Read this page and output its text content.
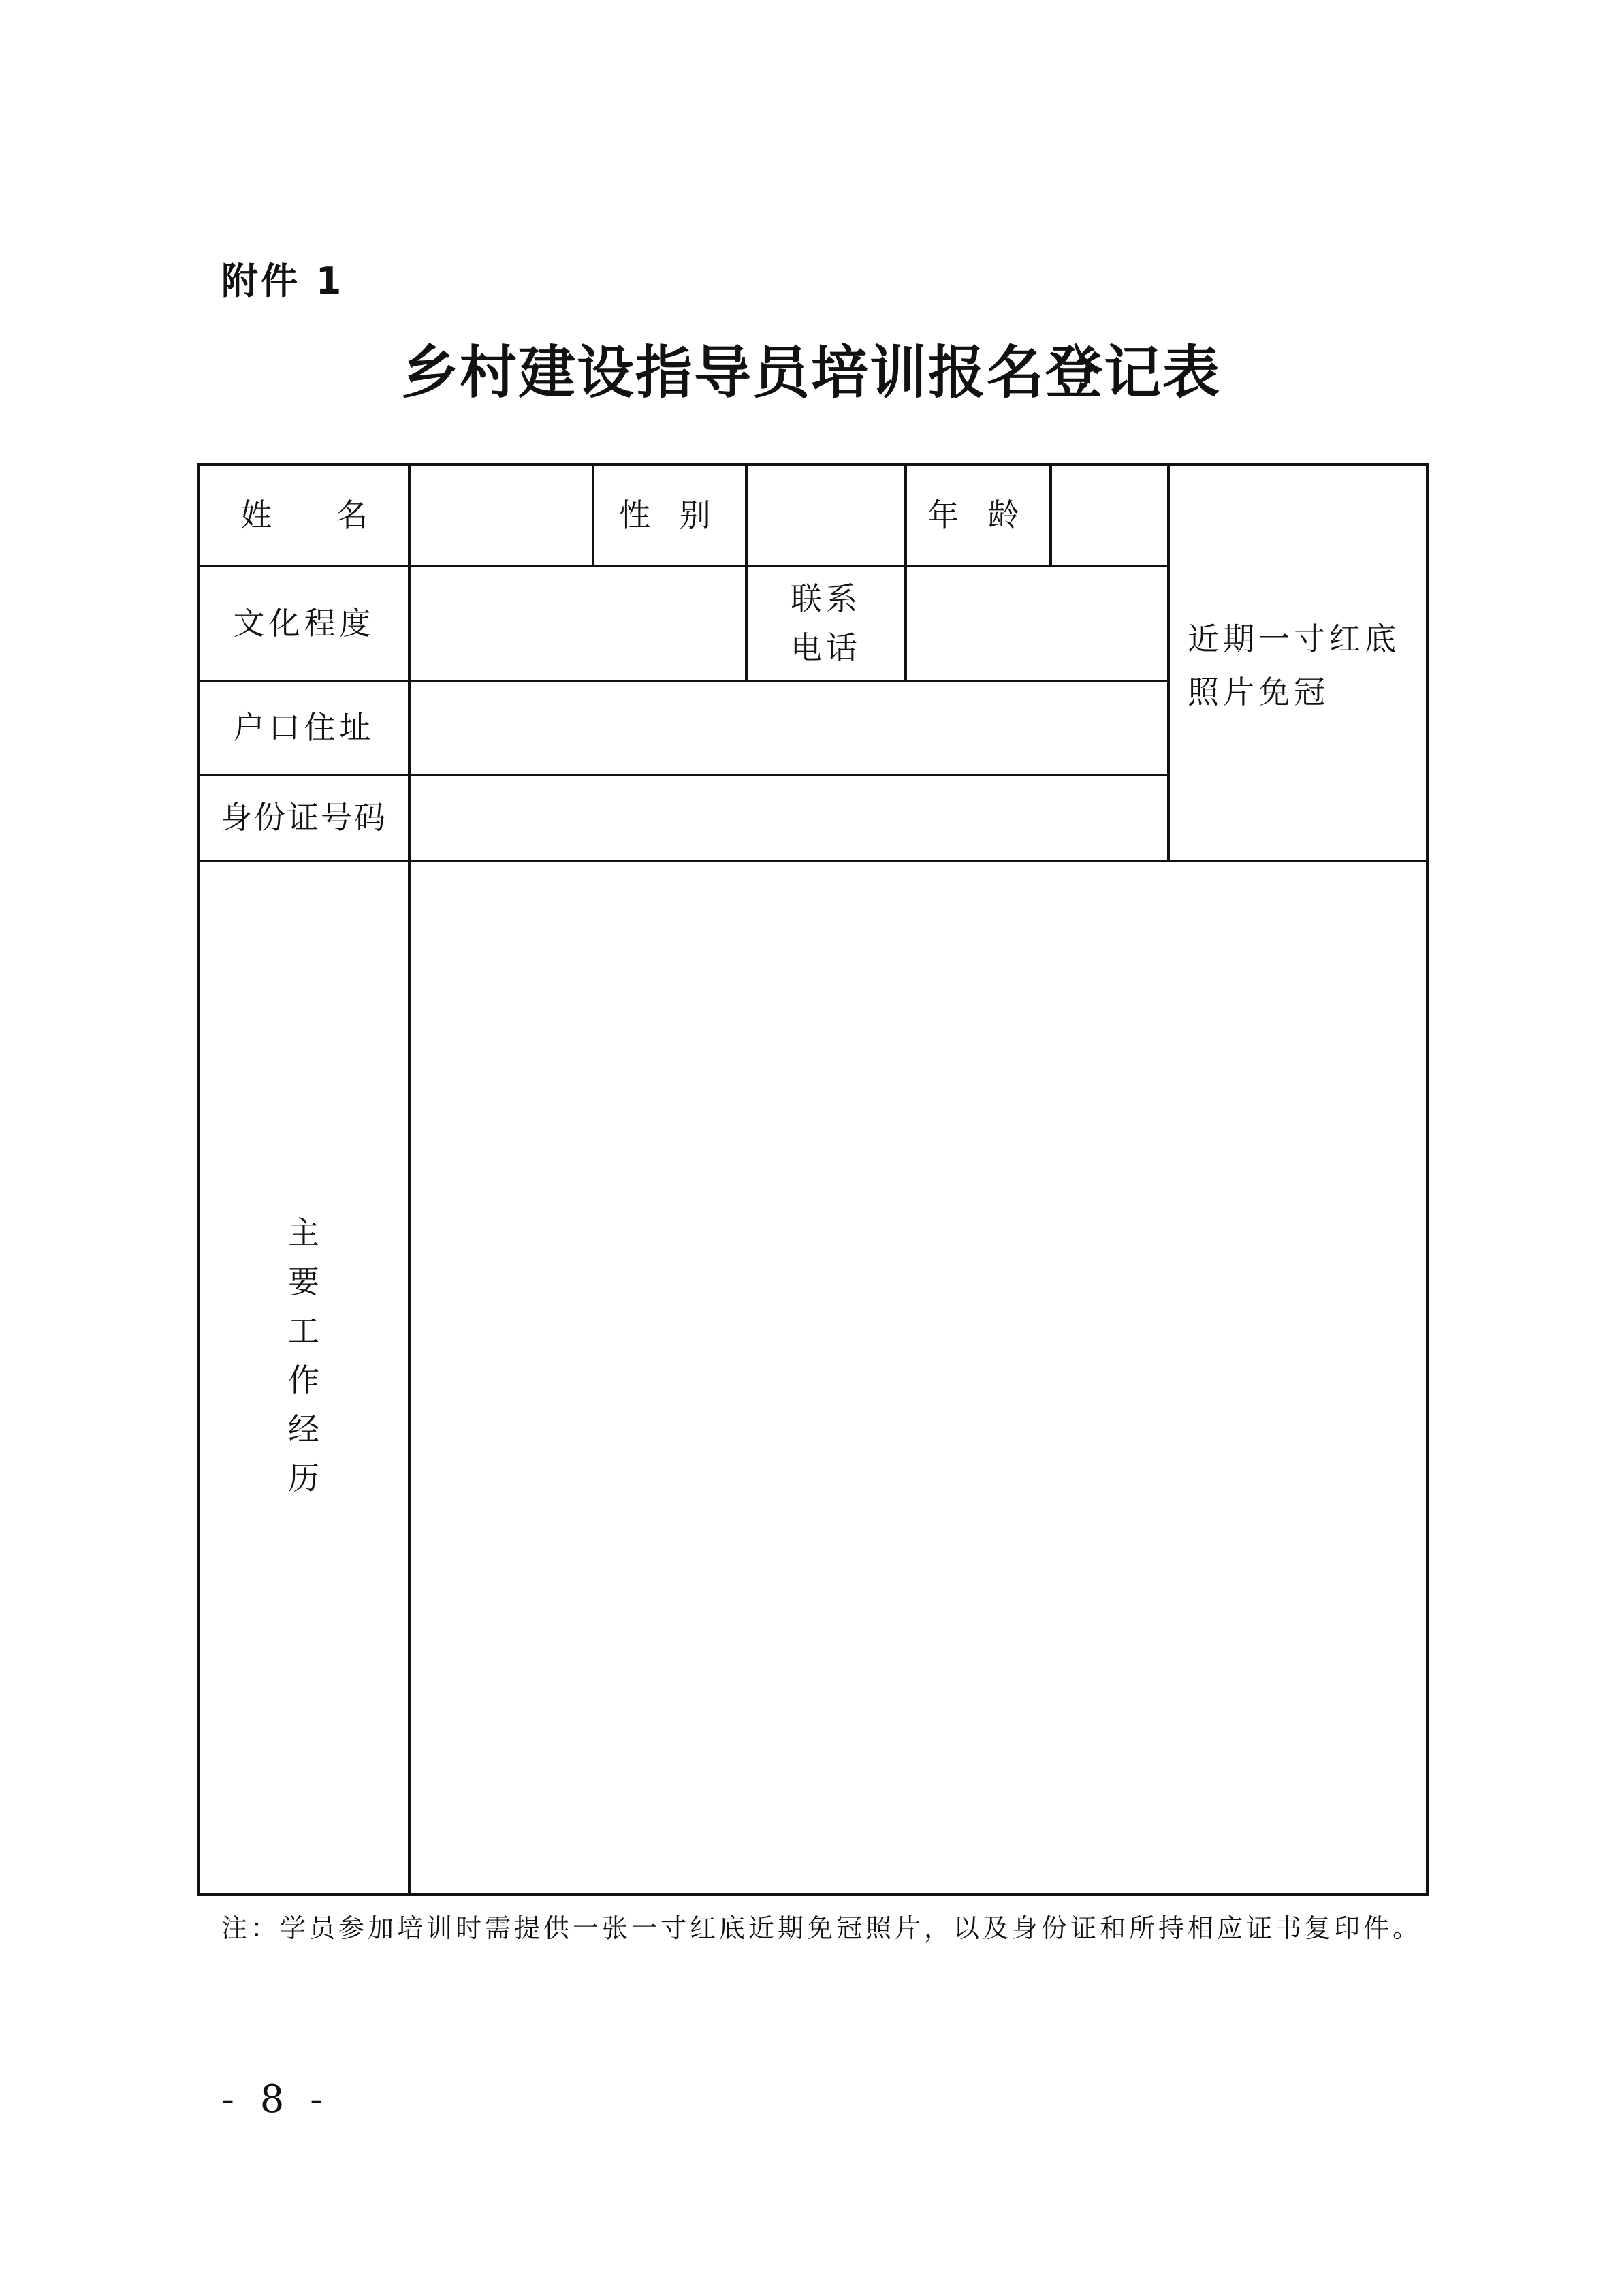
附件 1
乡村建设指导员培训报名登记表
姓 名	性 别	年 龄
文化程度
联系
电话
户口住址
身份证号码
近期一寸红底照片免冠
主
要
工
作
经
历
注：学员参加培训时需提供一张一寸红底近期免冠照片，以及身份证和所持相应证书复印件。
- 8 -
